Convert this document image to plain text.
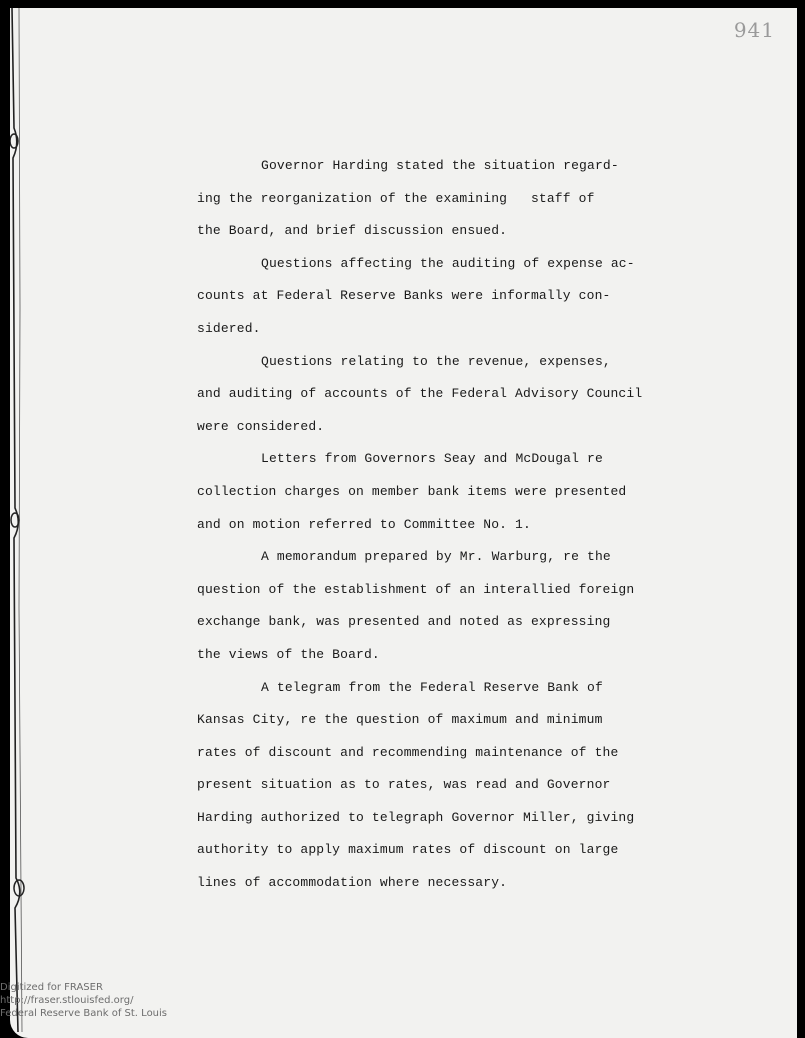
941
Governor Harding stated the situation regard-
ing the reorganization of the examining   staff of
the Board, and brief discussion ensued.
Questions affecting the auditing of expense ac-
counts at Federal Reserve Banks were informally con-
sidered.
Questions relating to the revenue, expenses,
and auditing of accounts of the Federal Advisory Council
were considered.
Letters from Governors Seay and McDougal re
collection charges on member bank items were presented
and on motion referred to Committee No. 1.
A memorandum prepared by Mr. Warburg, re the
question of the establishment of an interallied foreign
exchange bank, was presented and noted as expressing
the views of the Board.
A telegram from the Federal Reserve Bank of
Kansas City, re the question of maximum and minimum
rates of discount and recommending maintenance of the
present situation as to rates, was read and Governor
Harding authorized to telegraph Governor Miller, giving
authority to apply maximum rates of discount on large
lines of accommodation where necessary.
Digitized for FRASER
http://fraser.stlouisfed.org/
Federal Reserve Bank of St. Louis
